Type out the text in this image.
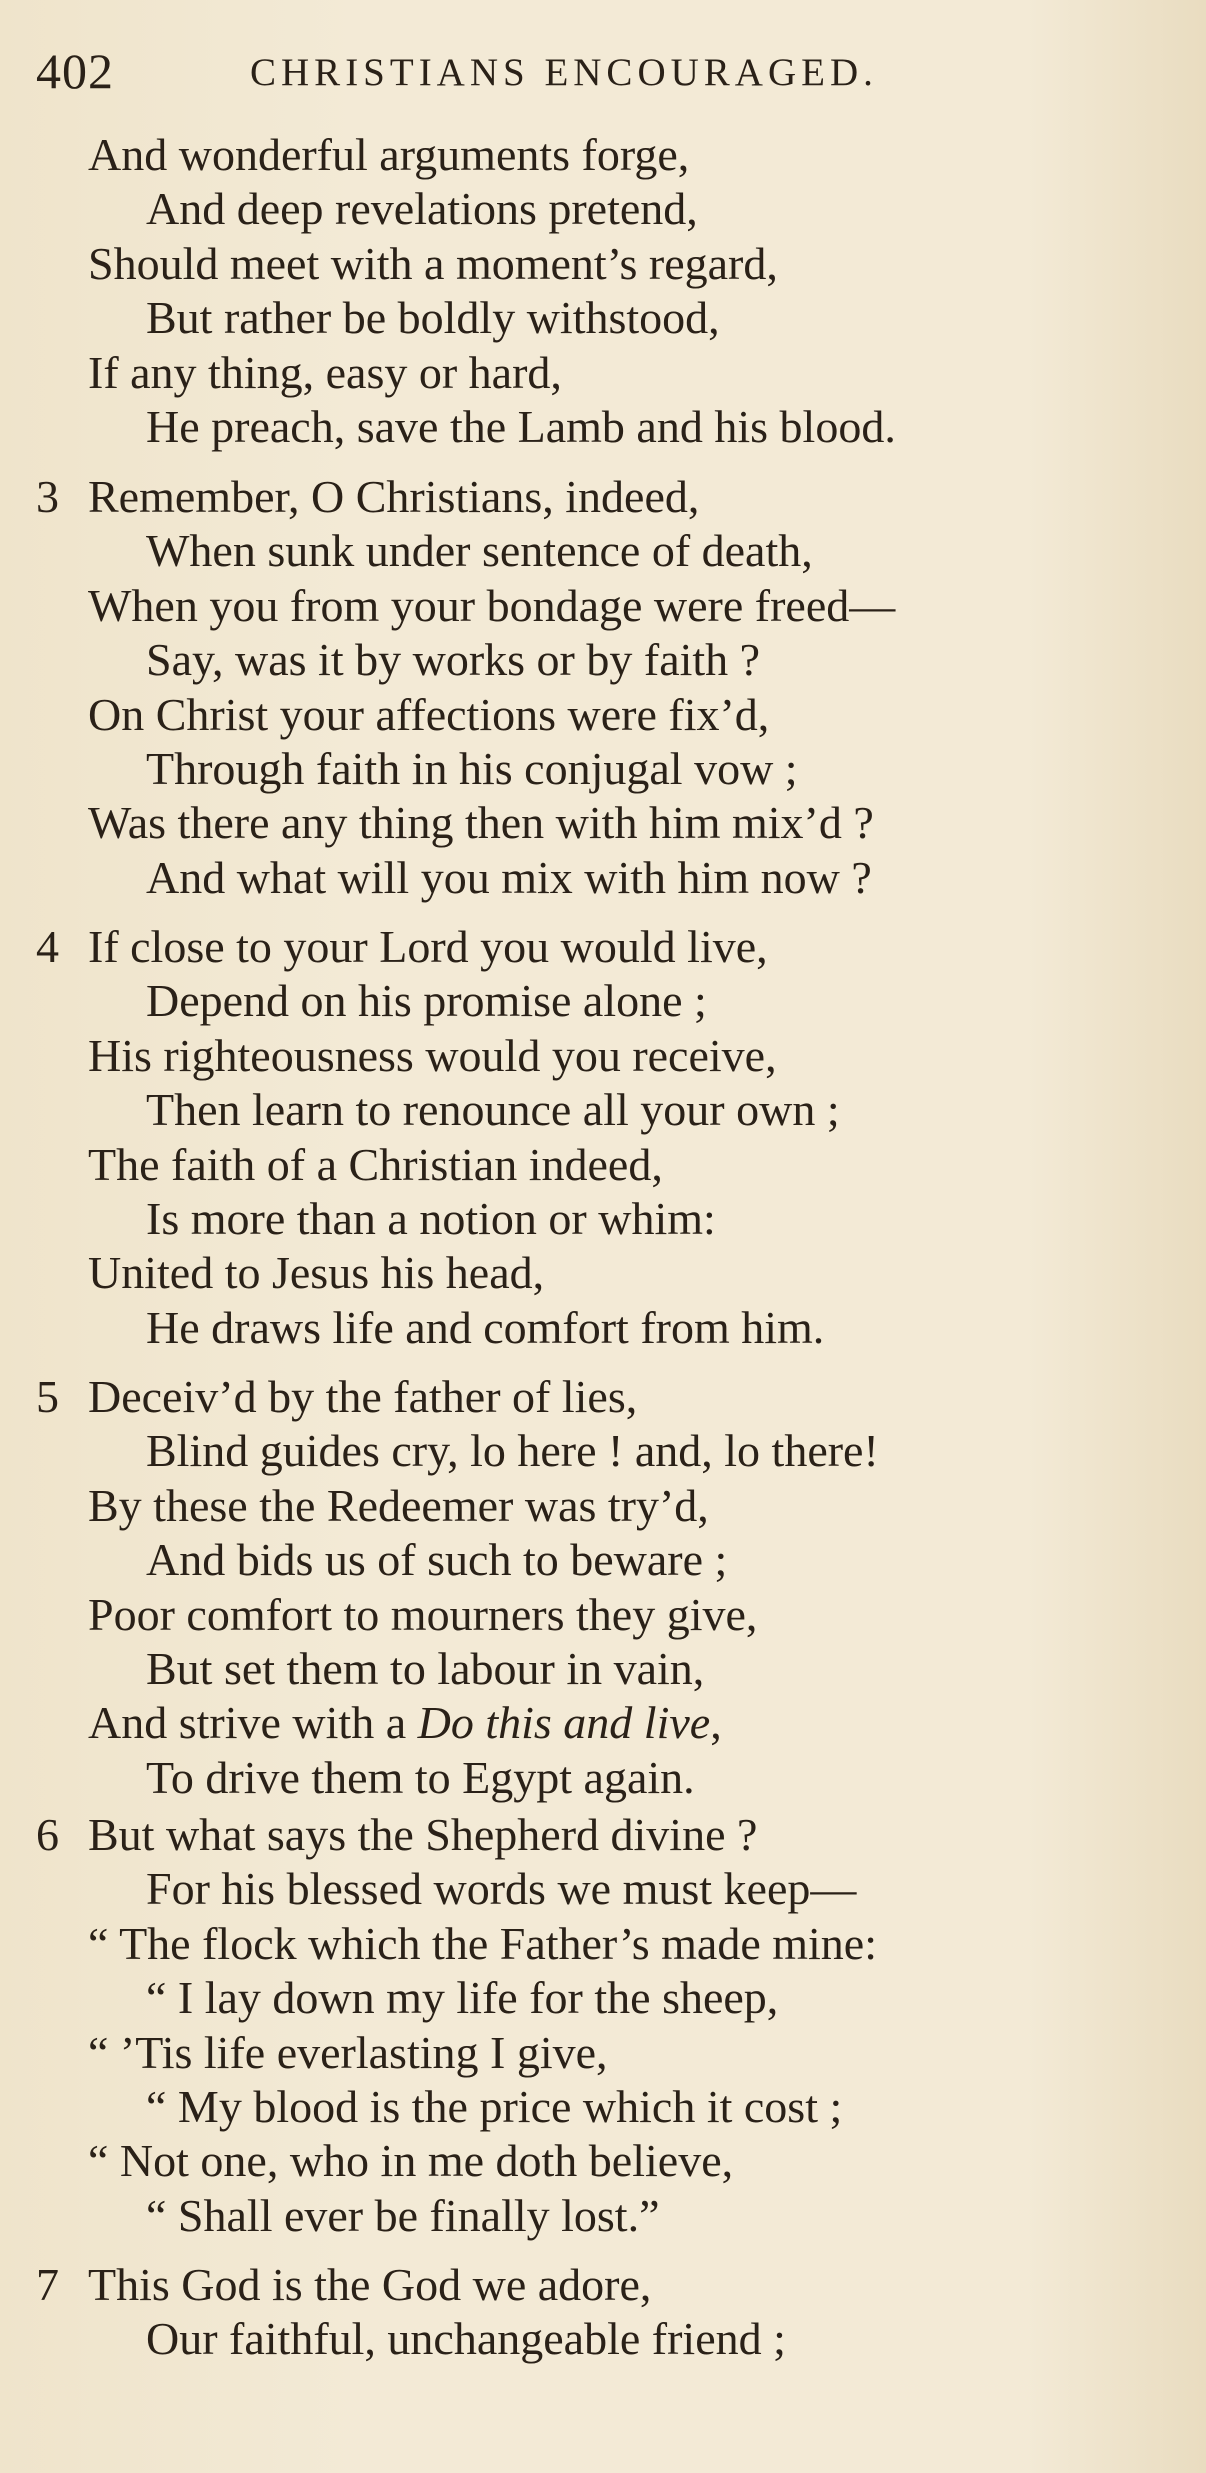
402	CHRISTIANS ENCOURAGED.
And wonderful arguments forge,
And deep revelations pretend,
Should meet with a moment’s regard,
But rather be boldly withstood,
If any thing, easy or hard,
He preach, save the Lamb and his blood.
3 Remember, O Christians, indeed,
When sunk under sentence of death,
When you from your bondage were freed—
Say, was it by works or by faith ?
On Christ your affections were fix’d,
Through faith in his conjugal vow ;
Was there any thing then with him mix’d ?
And what will you mix with him now ?
4 If close to your Lord you would live,
Depend on his promise alone ;
His righteousness would you receive,
Then learn to renounce all your own ;
The faith of a Christian indeed,
Is more than a notion or whim:
United to Jesus his head,
He draws life and comfort from him.
5 Deceiv’d by the father of lies,
Blind guides cry, lo here ! and, lo there!
By these the Redeemer was try’d,
And bids us of such to beware ;
Poor comfort to mourners they give,
But set them to labour in vain,
And strive with a Do this and live,
To drive them to Egypt again.
6 But what says the Shepherd divine ?
For his blessed words we must keep—
“ The flock which the Father’s made mine:
“ I lay down my life for the sheep,
“ ’Tis life everlasting I give,
“ My blood is the price which it cost ;
“ Not one, who in me doth believe,
“ Shall ever be finally lost.”
7 This God is the God we adore,
Our faithful, unchangeable friend ;
